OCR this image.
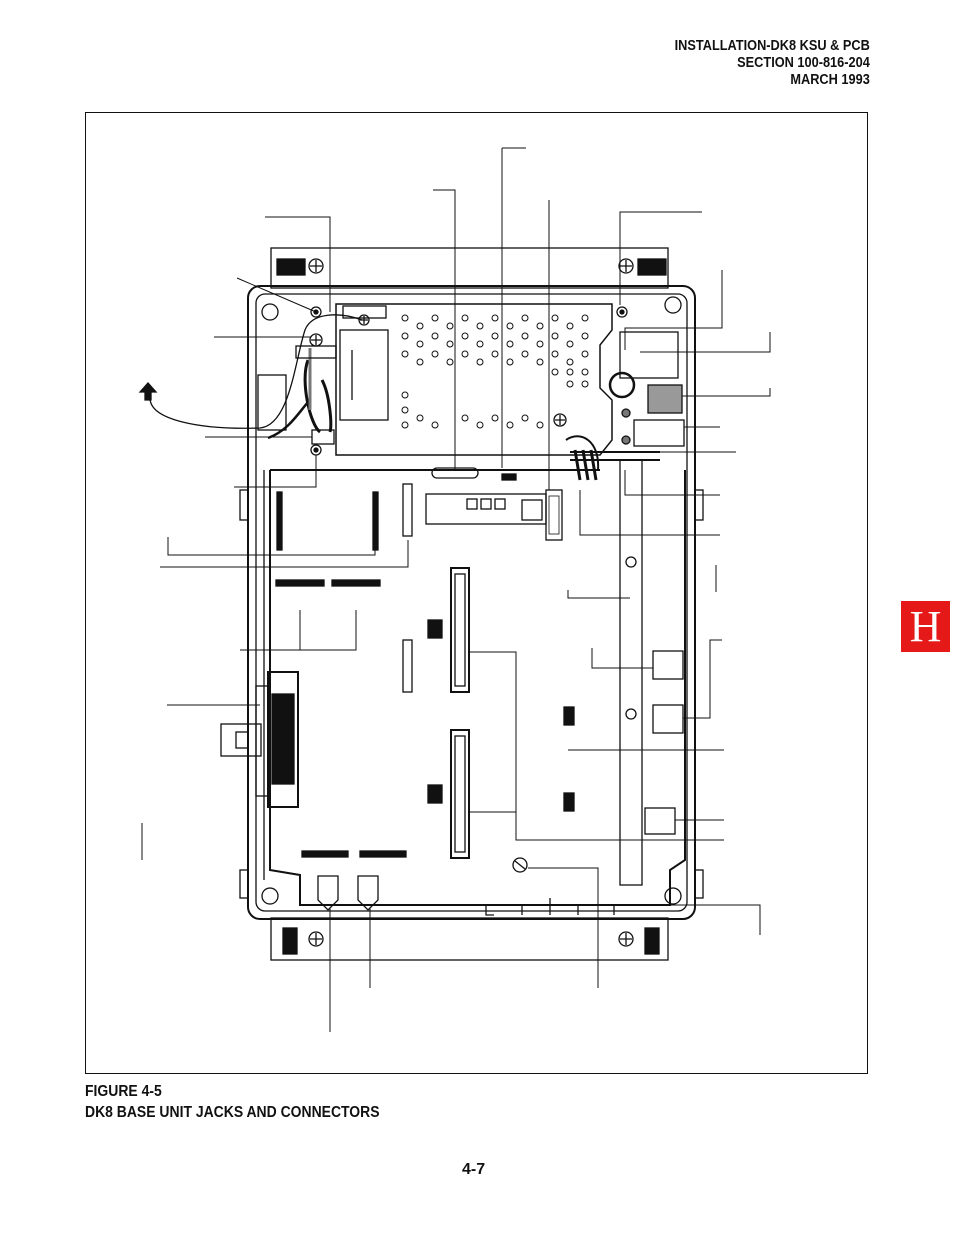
INSTALLATION-DK8 KSU & PCB
SECTION 100-816-204
MARCH 1993
FIGURE 4-5
DK8 BASE UNIT JACKS AND CONNECTORS
4-7
H
